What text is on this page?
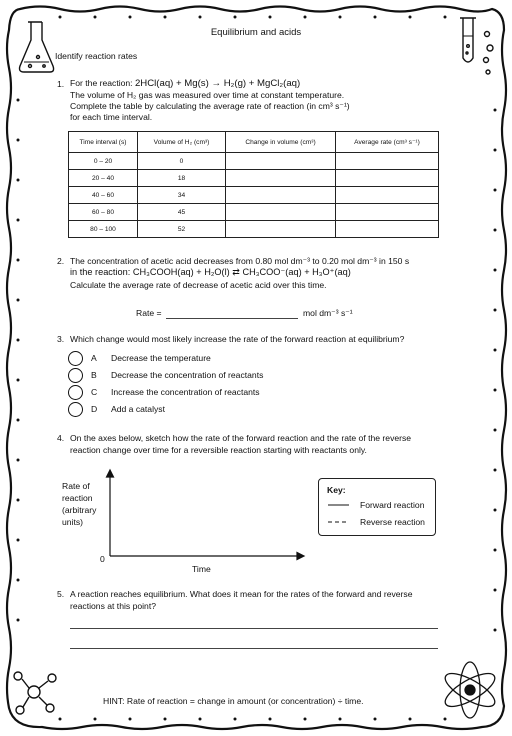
Equilibrium and acids
Identify reaction rates
1. For the reaction: 2HCl(aq) + Mg(s) → H₂(g) + MgCl₂(aq)
The volume of H₂ gas was measured over time at constant temperature.
Complete the table by calculating the average rate of reaction (in cm³ s⁻¹)
for each time interval.
Time interval (s)	Volume of H₂ (cm³)	Change in volume (cm³)	Average rate (cm³ s⁻¹)
0 – 20	0		
20 – 40	18		
40 – 60	34		
60 – 80	45		
80 – 100	52		
2. The concentration of acetic acid decreases from 0.80 mol dm⁻³ to 0.20 mol dm⁻³ in 150 s
in the reaction: CH₃COOH(aq) + H₂O(l) ⇄ CH₃COO⁻(aq) + H₃O⁺(aq)
Calculate the average rate of decrease of acetic acid over this time.
Rate =	mol dm⁻³ s⁻¹
3. Which change would most likely increase the rate of the forward reaction at equilibrium?
A Decrease the temperature
B Decrease the concentration of reactants
C Increase the concentration of reactants
D Add a catalyst
4. On the axes below, sketch how the rate of the forward reaction and the rate of the reverse
reaction change over time for a reversible reaction starting with reactants only.
Rate of
reaction
(arbitrary
units)
0
Time
Key:
Forward reaction
Reverse reaction
5. A reaction reaches equilibrium. What does it mean for the rates of the forward and reverse
reactions at this point?
HINT: Rate of reaction = change in amount (or concentration) ÷ time.
